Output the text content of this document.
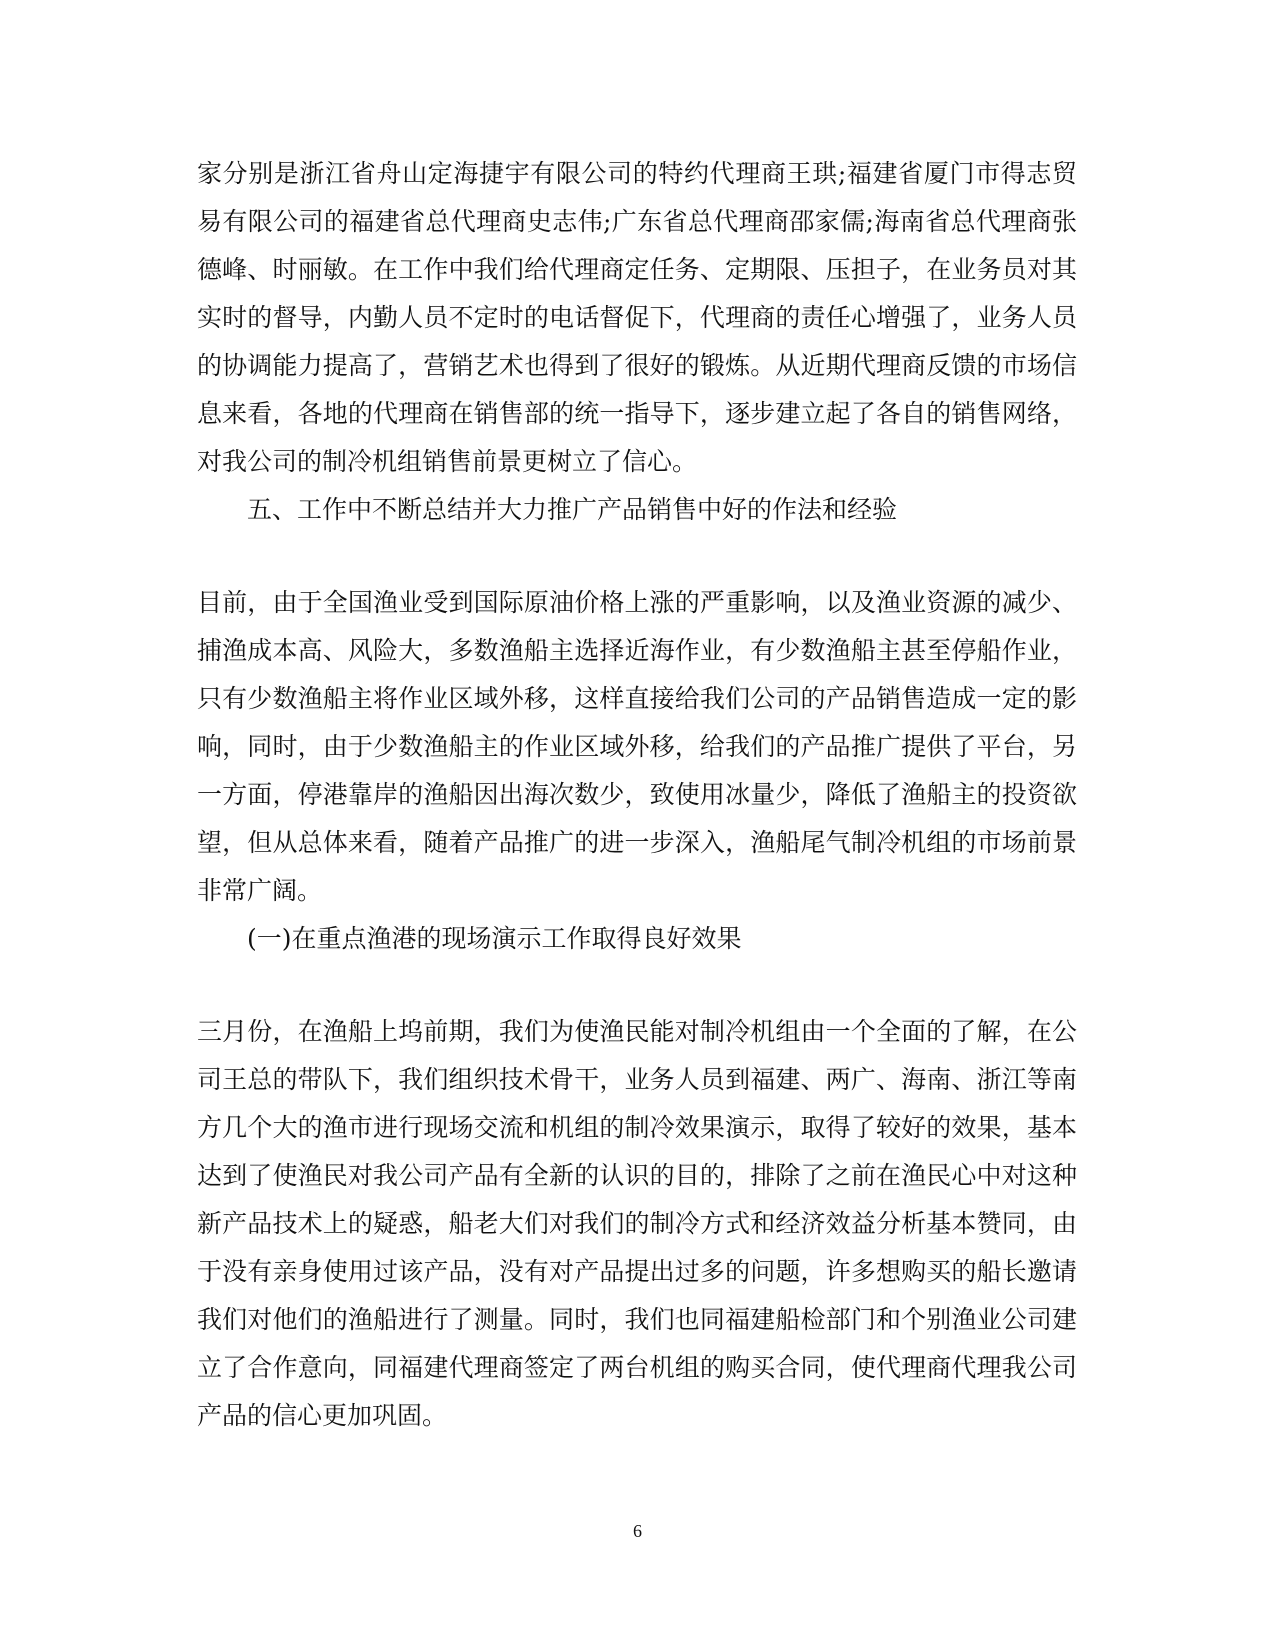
家分别是浙江省舟山定海捷宇有限公司的特约代理商王珙;福建省厦门市得志贸
易有限公司的福建省总代理商史志伟;广东省总代理商邵家儒;海南省总代理商张
德峰、时丽敏。在工作中我们给代理商定任务、定期限、压担子，在业务员对其
实时的督导，内勤人员不定时的电话督促下，代理商的责任心增强了，业务人员
的协调能力提高了，营销艺术也得到了很好的锻炼。从近期代理商反馈的市场信
息来看，各地的代理商在销售部的统一指导下，逐步建立起了各自的销售网络，
对我公司的制冷机组销售前景更树立了信心。
五、工作中不断总结并大力推广产品销售中好的作法和经验
目前，由于全国渔业受到国际原油价格上涨的严重影响，以及渔业资源的减少、
捕渔成本高、风险大，多数渔船主选择近海作业，有少数渔船主甚至停船作业，
只有少数渔船主将作业区域外移，这样直接给我们公司的产品销售造成一定的影
响，同时，由于少数渔船主的作业区域外移，给我们的产品推广提供了平台，另
一方面，停港靠岸的渔船因出海次数少，致使用冰量少，降低了渔船主的投资欲
望，但从总体来看，随着产品推广的进一步深入，渔船尾气制冷机组的市场前景
非常广阔。
(一)在重点渔港的现场演示工作取得良好效果
三月份，在渔船上坞前期，我们为使渔民能对制冷机组由一个全面的了解，在公
司王总的带队下，我们组织技术骨干，业务人员到福建、两广、海南、浙江等南
方几个大的渔市进行现场交流和机组的制冷效果演示，取得了较好的效果，基本
达到了使渔民对我公司产品有全新的认识的目的，排除了之前在渔民心中对这种
新产品技术上的疑惑，船老大们对我们的制冷方式和经济效益分析基本赞同，由
于没有亲身使用过该产品，没有对产品提出过多的问题，许多想购买的船长邀请
我们对他们的渔船进行了测量。同时，我们也同福建船检部门和个别渔业公司建
立了合作意向，同福建代理商签定了两台机组的购买合同，使代理商代理我公司
产品的信心更加巩固。
6
